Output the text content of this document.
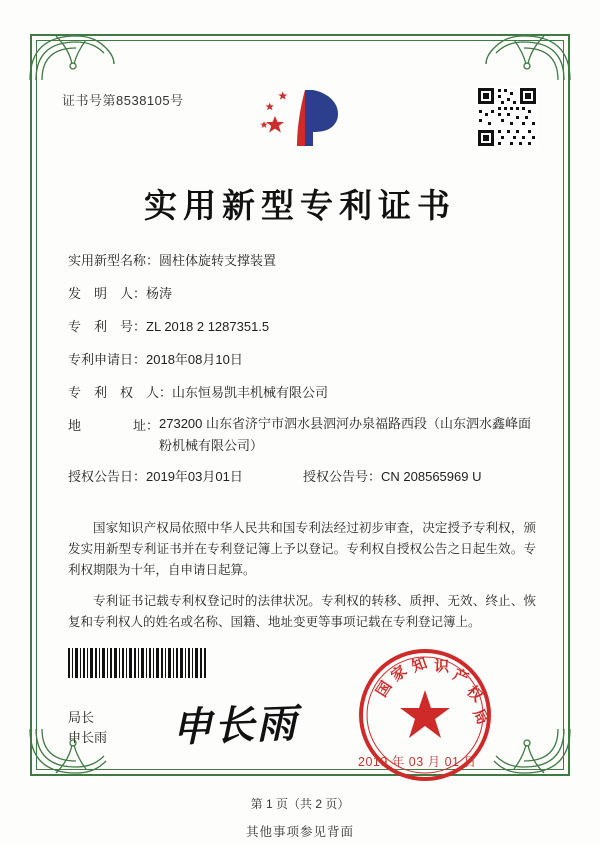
证书号第8538105号
实用新型专利证书
实用新型名称： 圆柱体旋转支撑装置
发　明　人： 杨涛
专　利　号： ZL 2018 2 1287351.5
专利申请日： 2018年08月10日
专　利　权　人： 山东恒易凯丰机械有限公司
地　　　　址： 273200 山东省济宁市泗水县泗河办泉福路西段（山东泗水鑫峰面粉机械有限公司）
授权公告日： 2019年03月01日	授权公告号： CN 208565969 U

国家知识产权局依照中华人民共和国专利法经过初步审查，决定授予专利权，颁发实用新型专利证书并在专利登记簿上予以登记。专利权自授权公告之日起生效。专利权期限为十年，自申请日起算。

专利证书记载专利权登记时的法律状况。专利权的转移、质押、无效、终止、恢复和专利权人的姓名或名称、国籍、地址变更等事项记载在专利登记簿上。

局长
申长雨 申长雨
国
家
知 识 产
权
局
2019 年 03 月 01 日
第 1 页（共 2 页）
其他事项参见背面
